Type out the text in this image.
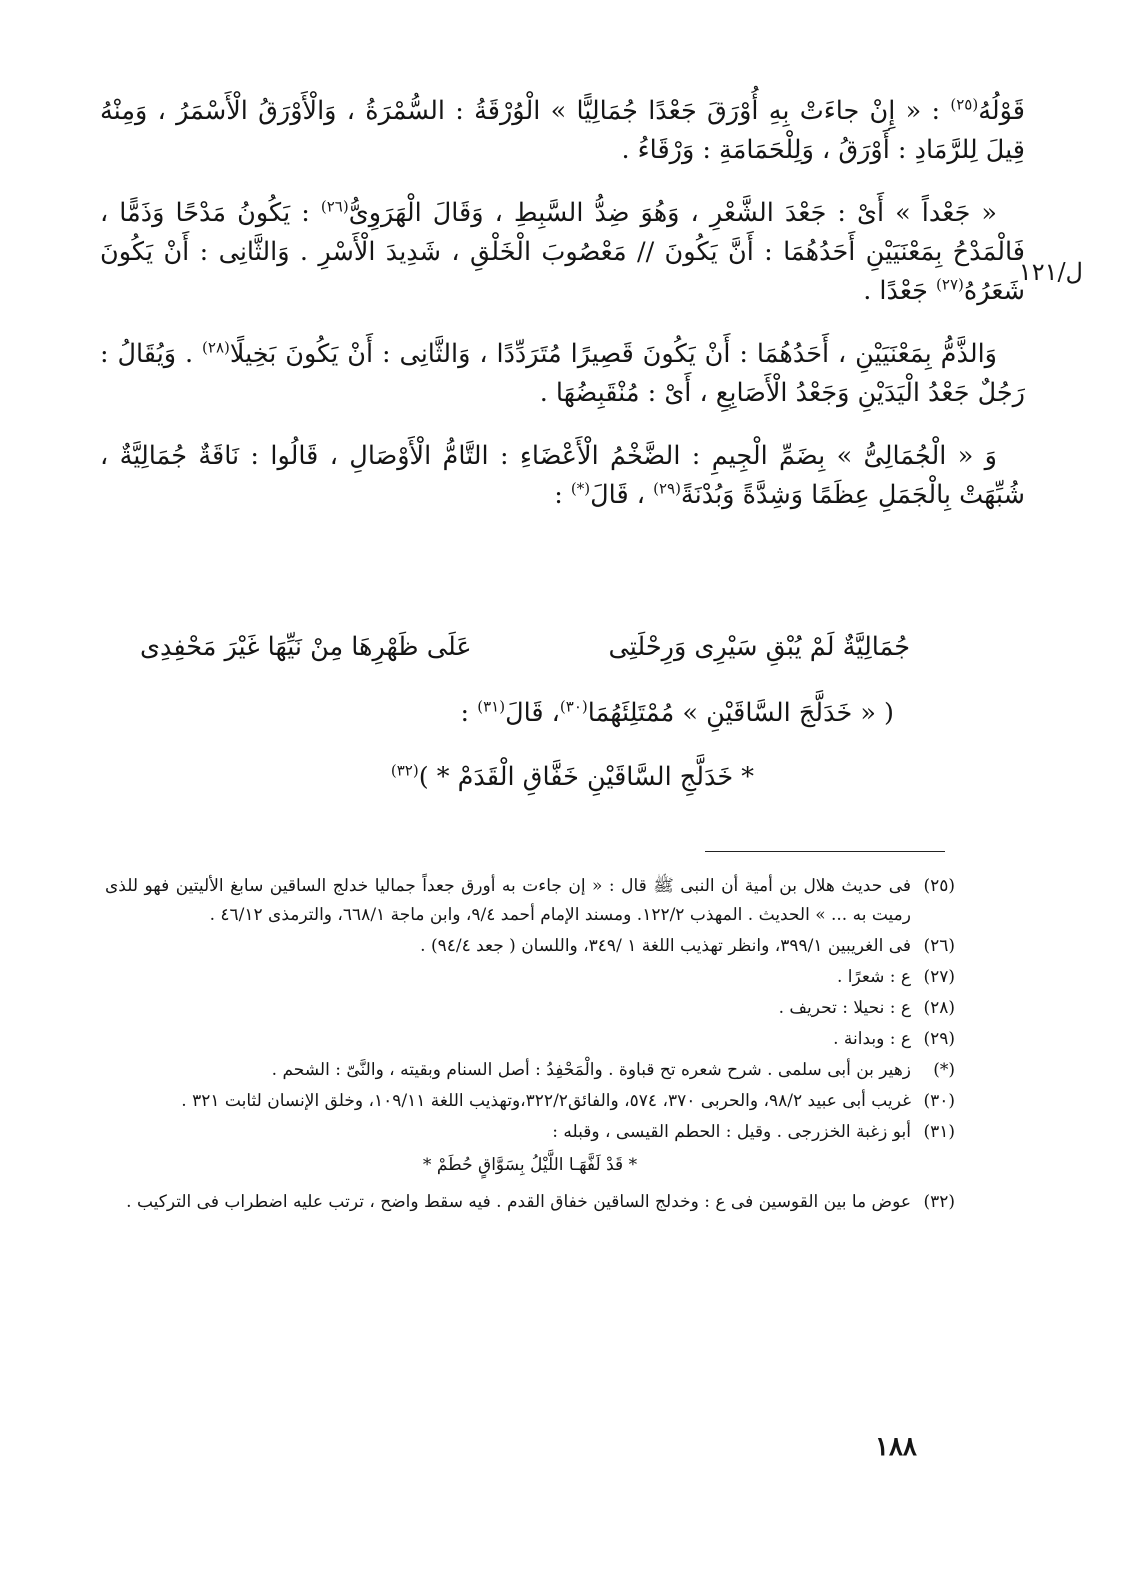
ل/١٢١

قَوْلُهُ$^{(٢٥)}$ : « إِنْ جاءَتْ بِهِ أُوْرَقَ جَعْدًا جُمَالِيًّا » الْوُرْقَةُ : السُّمْرَةُ ، وَالْأَوْرَقُ الْأَسْمَرُ ، وَمِنْهُ قِيلَ لِلرَّمَادِ : أَوْرَقُ ، وَلِلْحَمَامَةِ : وَرْقَاءُ .

« جَعْداً » أَىْ : جَعْدَ الشَّعْرِ ، وَهُوَ ضِدُّ السَّبِطِ ، وَقَالَ الْهَرَوِىُّ$^{(٢٦)}$ : يَكُونُ مَدْحًا وَذَمًّا ، فَالْمَدْحُ بِمَعْنَيَيْنِ أَحَدُهُمَا : أَنَّ يَكُونَ // مَعْصُوبَ الْخَلْقِ ، شَدِيدَ الْأَسْرِ . وَالثَّانِى : أَنْ يَكُونَ شَعَرُهُ$^{(٢٧)}$ جَعْدًا .

وَالذَّمُّ بِمَعْنَيَيْنِ ، أَحَدُهُمَا : أَنْ يَكُونَ قَصِيرًا مُتَرَدِّدًا ، وَالثَّانِى : أَنْ يَكُونَ بَخِيلًا$^{(٢٨)}$ . وَيُقَالُ : رَجُلٌ جَعْدُ الْيَدَيْنِ وَجَعْدُ الْأَصَابِعِ ، أَىْ : مُنْقَبِضُهَا .

وَ « الْجُمَالِىُّ » بِضَمِّ الْجِيمِ : الضَّخْمُ الْأَعْضَاءِ : التَّامُّ الْأَوْصَالِ ، قَالُوا : نَاقَةٌ جُمَالِيَّةٌ ، شُبِّهَتْ بِالْجَمَلِ عِظَمًا وَشِدَّةً وَبُدْنَةً$^{(٢٩)}$ ، قَالَ(*) :

جُمَالِيَّةٌ لَمْ يُبْقِ سَيْرِى وَرِحْلَتِى
عَلَى ظَهْرِهَا مِنْ نَيِّهَا غَيْرَ مَحْفِدِى
( « خَدَلَّجَ السَّاقَيْنِ » مُمْتَلِئَهُمَا$^{(٣٠)}$، قَالَ$^{(٣١)}$ :
* خَدَلَّجِ السَّاقَيْنِ خَفَّاقِ الْقَدَمْ * )$^{(٣٢)}$
(٢٥)
فى حديث هلال بن أمية أن النبى ﷺ قال : « إن جاءت به أورق جعداً جماليا خدلج الساقين سابغ الأليتين فهو للذى رميت به ... » الحديث . المهذب ١٢٢/٢. ومسند الإمام أحمد ٩/٤، وابن ماجة ٦٦٨/١، والترمذى ٤٦/١٢ .
(٢٦)
فى الغريبين ٣٩٩/١، وانظر تهذيب اللغة ١ /٣٤٩، واللسان ( جعد ٩٤/٤) .
(٢٧)
ع : شعرًا .
(٢٨)
ع : نحيلا : تحريف .
(٢٩)
ع : وبدانة .
(*)
زهير بن أبى سلمى . شرح شعره تح قباوة . والْمَحْفِدُ : أصل السنام وبقيته ، والنَّىّ : الشحم .
(٣٠)
غريب أبى عبيد ٩٨/٢، والحربى ٣٧٠، ٥٧٤، والفائق٣٢٢/٢،وتهذيب اللغة ١٠٩/١١، وخلق الإنسان لثابت ٣٢١ .
(٣١)
أبو زغبة الخزرجى . وقيل : الحطم القيسى ، وقبله :
* قَدْ لَفَّهَـا اللَّيْلُ بِسَوَّاقٍ حُطَمْ *
(٣٢)
عوض ما بين القوسين فى ع : وخدلج الساقين خفاق القدم . فيه سقط واضح ، ترتب عليه اضطراب فى التركيب .
١٨٨
